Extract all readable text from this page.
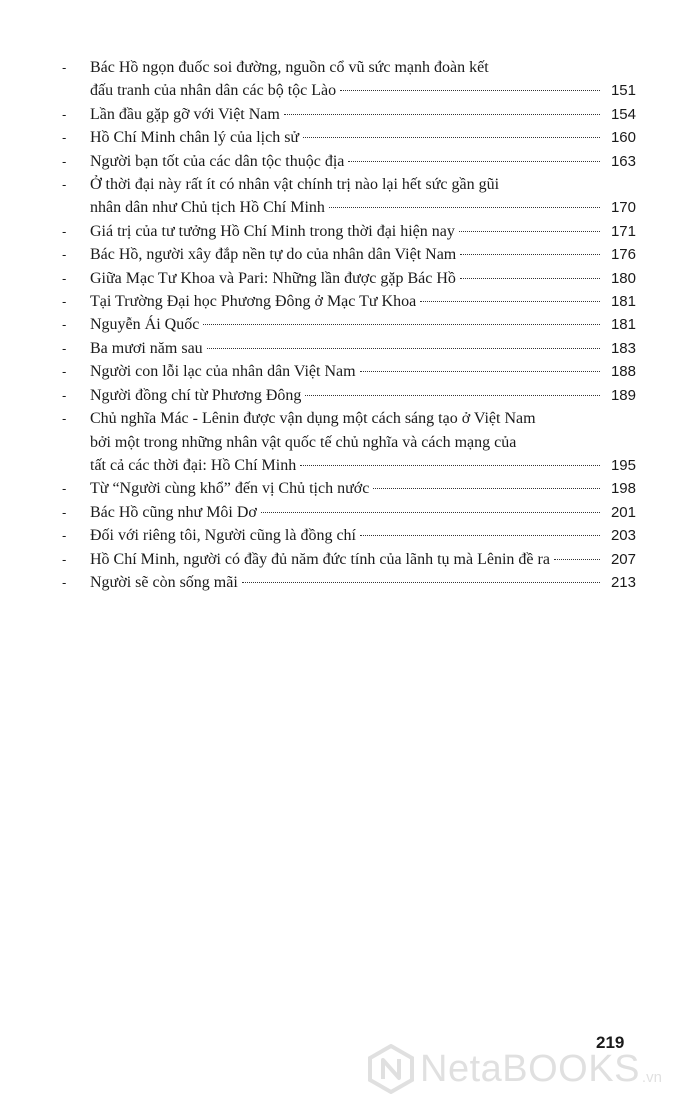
- Bác Hồ ngọn đuốc soi đường, nguồn cổ vũ sức mạnh đoàn kết
đấu tranh của nhân dân các bộ tộc Lào	151
- Lần đầu gặp gỡ với Việt Nam	154
- Hồ Chí Minh chân lý của lịch sử	160
- Người bạn tốt của các dân tộc thuộc địa	163
- Ở thời đại này rất ít có nhân vật chính trị nào lại hết sức gần gũi
nhân dân như Chủ tịch Hồ Chí Minh	170
- Giá trị của tư tưởng Hồ Chí Minh trong thời đại hiện nay	171
- Bác Hồ, người xây đắp nền tự do của nhân dân Việt Nam	176
- Giữa Mạc Tư Khoa và Pari: Những lần được gặp Bác Hồ	180
- Tại Trường Đại học Phương Đông ở Mạc Tư Khoa	181
- Nguyễn Ái Quốc	181
- Ba mươi năm sau	183
- Người con lỗi lạc của nhân dân Việt Nam	188
- Người đồng chí từ Phương Đông	189
- Chủ nghĩa Mác - Lênin được vận dụng một cách sáng tạo ở Việt Nam
bởi một trong những nhân vật quốc tế chủ nghĩa và cách mạng của
tất cả các thời đại: Hồ Chí Minh	195
- Từ “Người cùng khổ” đến vị Chủ tịch nước	198
- Bác Hồ cũng như Môi Dơ	201
- Đối với riêng tôi, Người cũng là đồng chí	203
- Hồ Chí Minh, người có đầy đủ năm đức tính của lãnh tụ mà Lênin đề ra	207
- Người sẽ còn sống mãi	213
219
NetaBOOKS .vn
